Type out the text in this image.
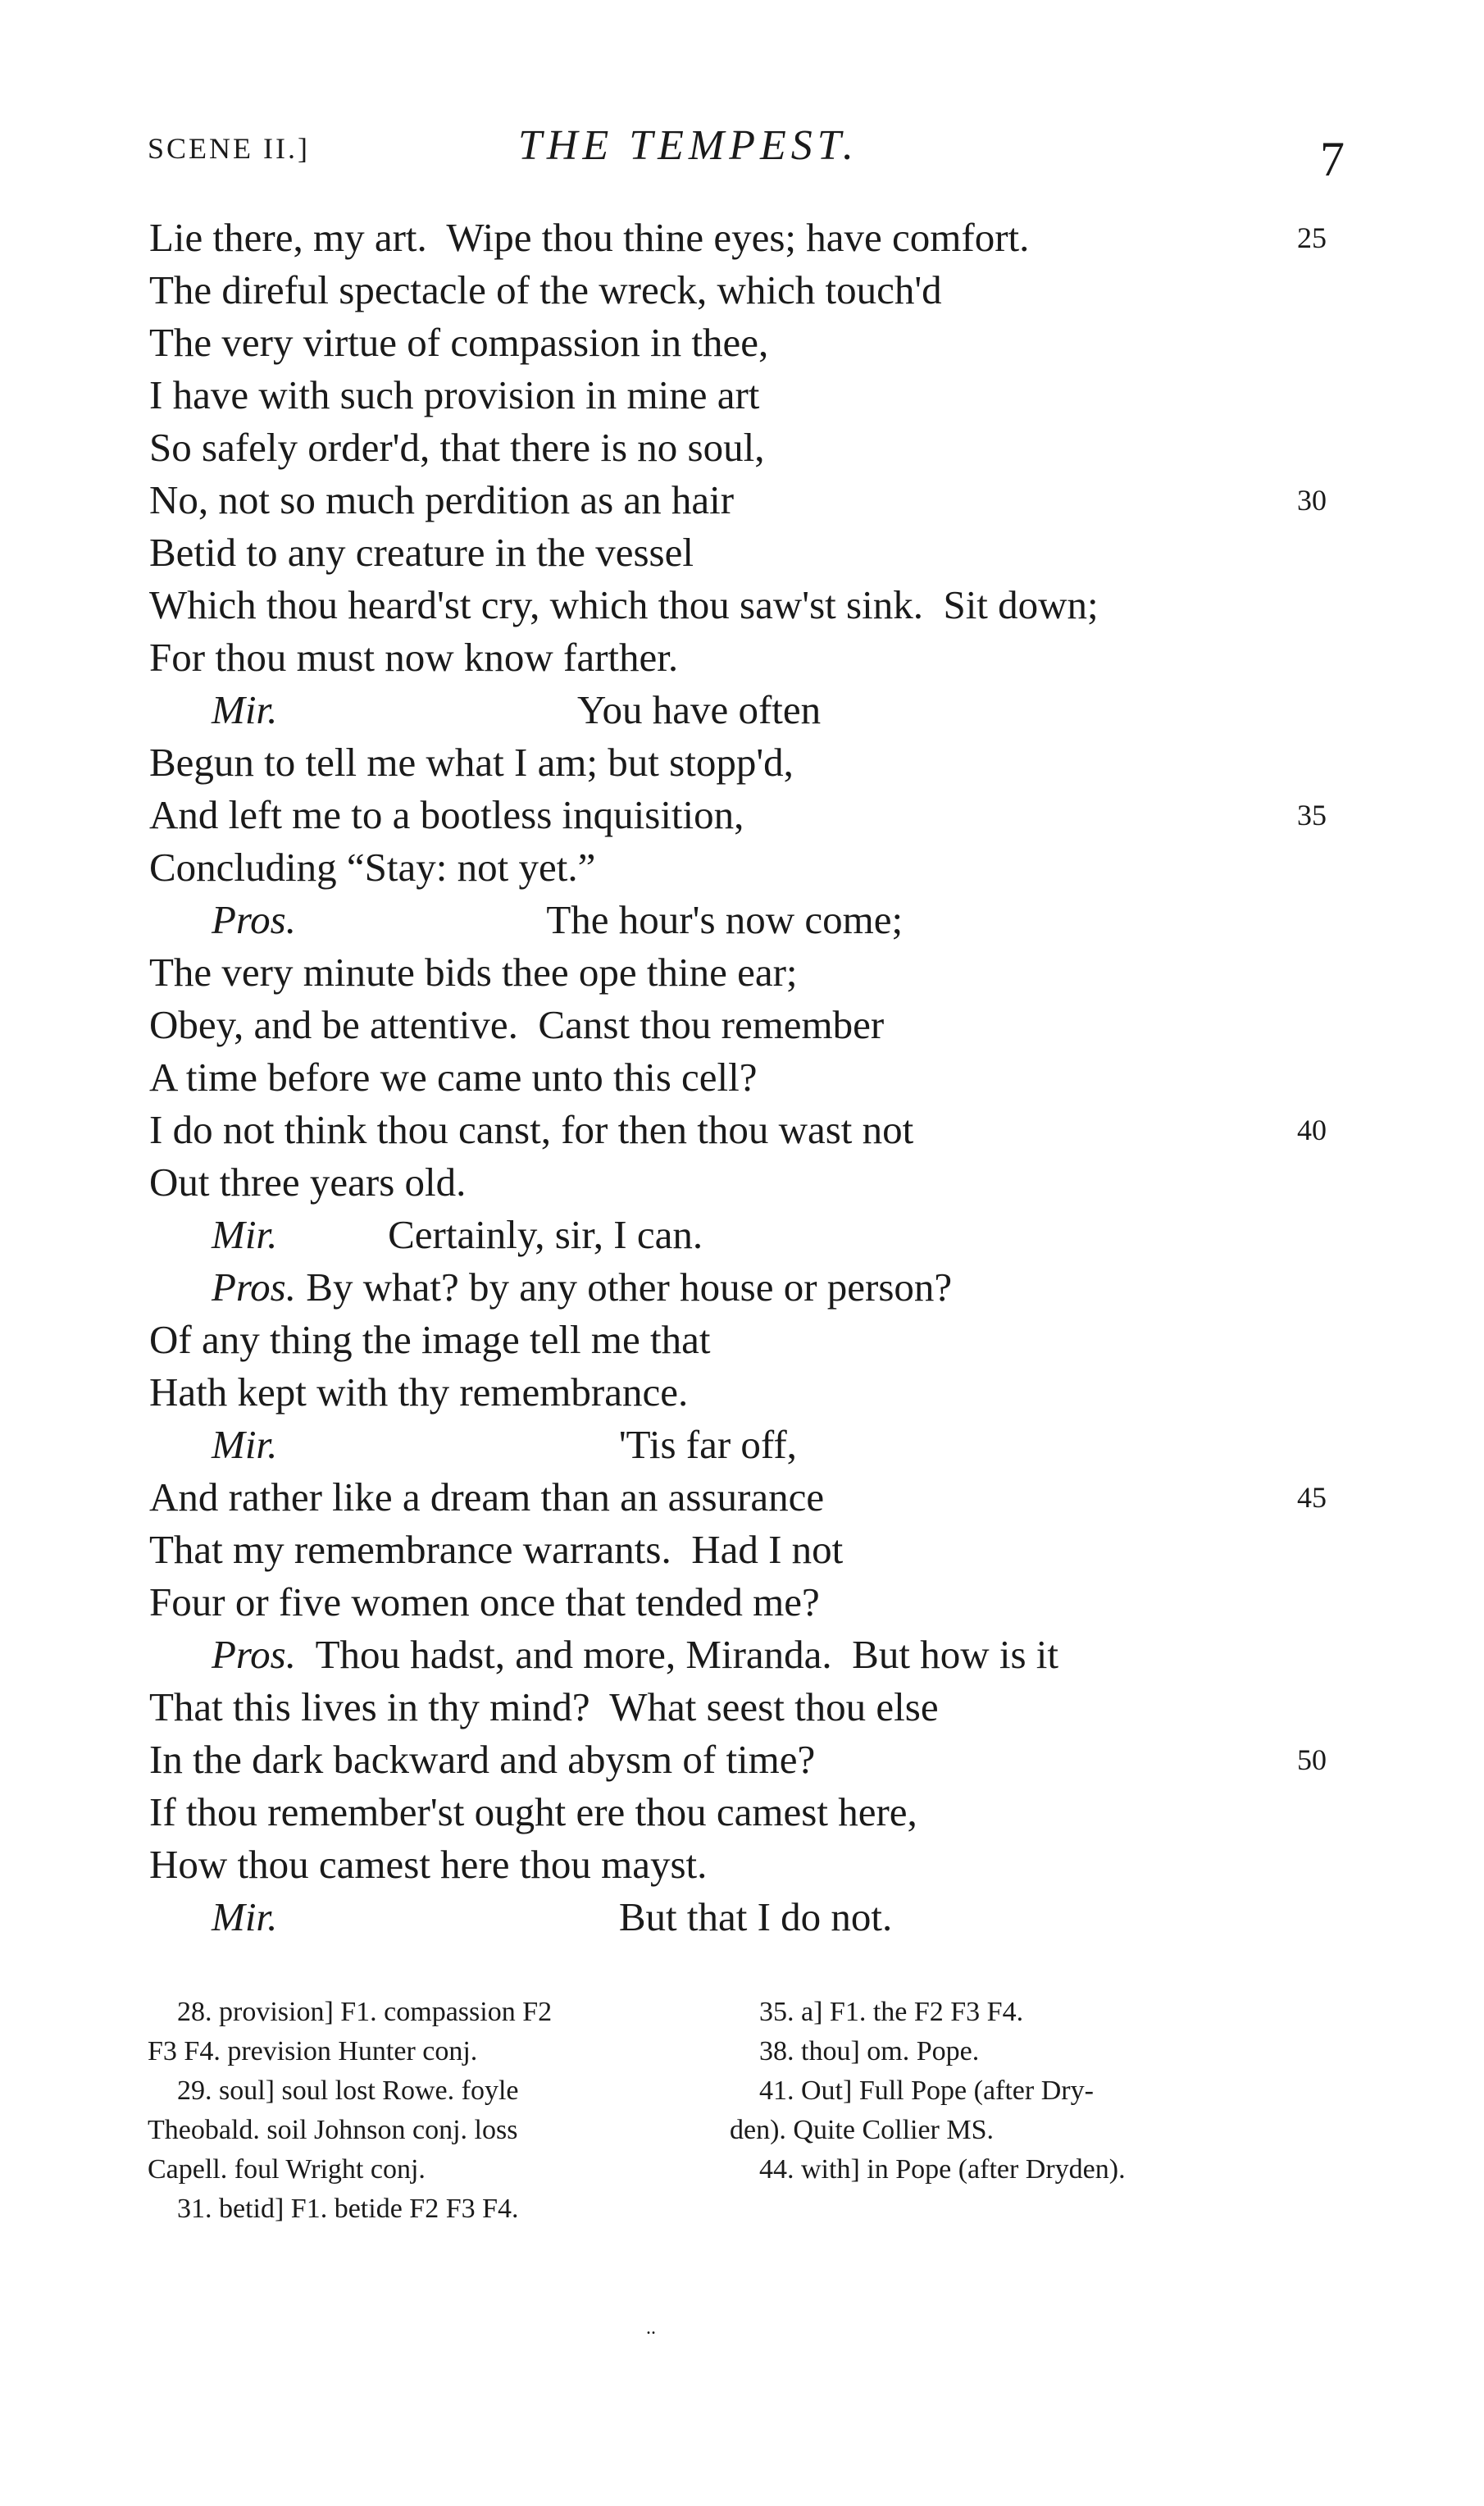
SCENE II.]	THE TEMPEST.	7
Lie there, my art.  Wipe thou thine eyes; have comfort.	25
The direful spectacle of the wreck, which touch'd
The very virtue of compassion in thee,
I have with such provision in mine art
So safely order'd, that there is no soul,
No, not so much perdition as an hair	30
Betid to any creature in the vessel
Which thou heard'st cry, which thou saw'st sink.  Sit down;
For thou must now know farther.
Mir.                              You have often
Begun to tell me what I am; but stopp'd,
And left me to a bootless inquisition,	35
Concluding “Stay: not yet.”
Pros.                         The hour's now come;
The very minute bids thee ope thine ear;
Obey, and be attentive.  Canst thou remember
A time before we came unto this cell?
I do not think thou canst, for then thou wast not	40
Out three years old.
Mir.           Certainly, sir, I can.
Pros. By what? by any other house or person?
Of any thing the image tell me that
Hath kept with thy remembrance.
Mir.                                  'Tis far off,
And rather like a dream than an assurance	45
That my remembrance warrants.  Had I not
Four or five women once that tended me?
Pros.  Thou hadst, and more, Miranda.  But how is it
That this lives in thy mind?  What seest thou else
In the dark backward and abysm of time?	50
If thou remember'st ought ere thou camest here,
How thou camest here thou mayst.
Mir.                                  But that I do not.
28. provision] F1. compassion F2
F3 F4. prevision Hunter conj.
29. soul] soul lost Rowe. foyle
Theobald. soil Johnson conj. loss
Capell. foul Wright conj.
31. betid] F1. betide F2 F3 F4.
35. a] F1. the F2 F3 F4.
38. thou] om. Pope.
41. Out] Full Pope (after Dry-
den). Quite Collier MS.
44. with] in Pope (after Dryden).
..
